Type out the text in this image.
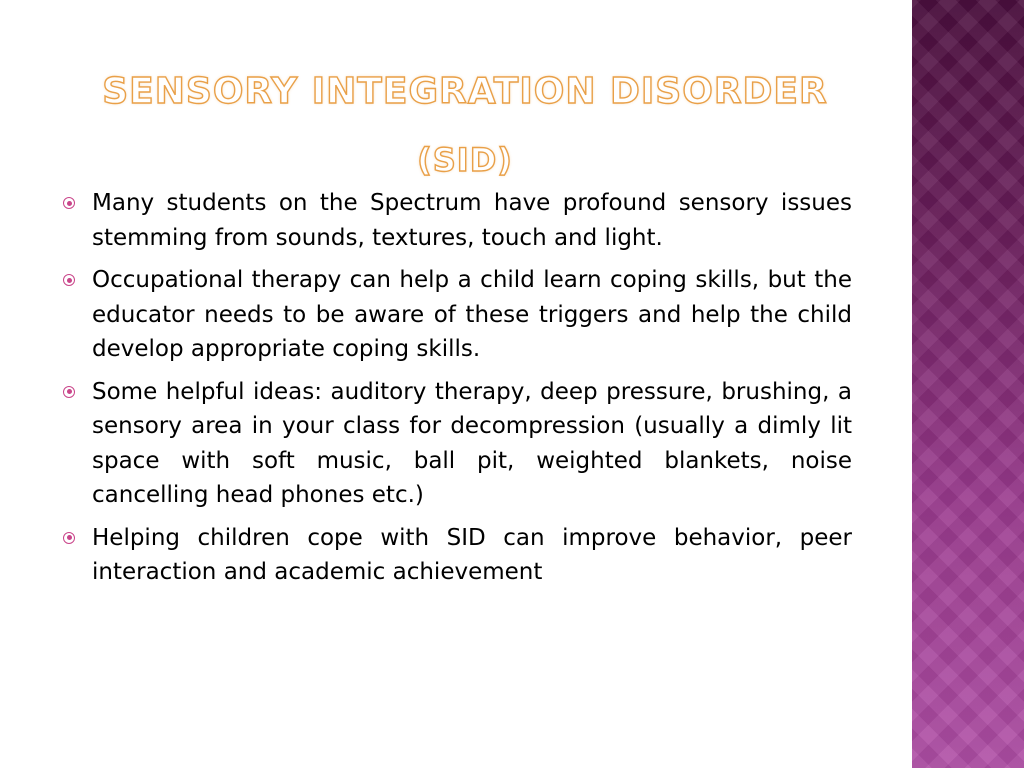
SENSORY INTEGRATION DISORDER
(SID)
Many students on the Spectrum have profound sensory issues stemming from sounds, textures, touch and light.
Occupational therapy can help a child learn coping skills, but the educator needs to be aware of these triggers and help the child develop appropriate coping skills.
Some helpful ideas: auditory therapy, deep pressure, brushing, a sensory area in your class for decompression (usually a dimly lit space with soft music, ball pit, weighted blankets, noise cancelling head phones etc.)
Helping children cope with SID can improve behavior, peer interaction and academic achievement
